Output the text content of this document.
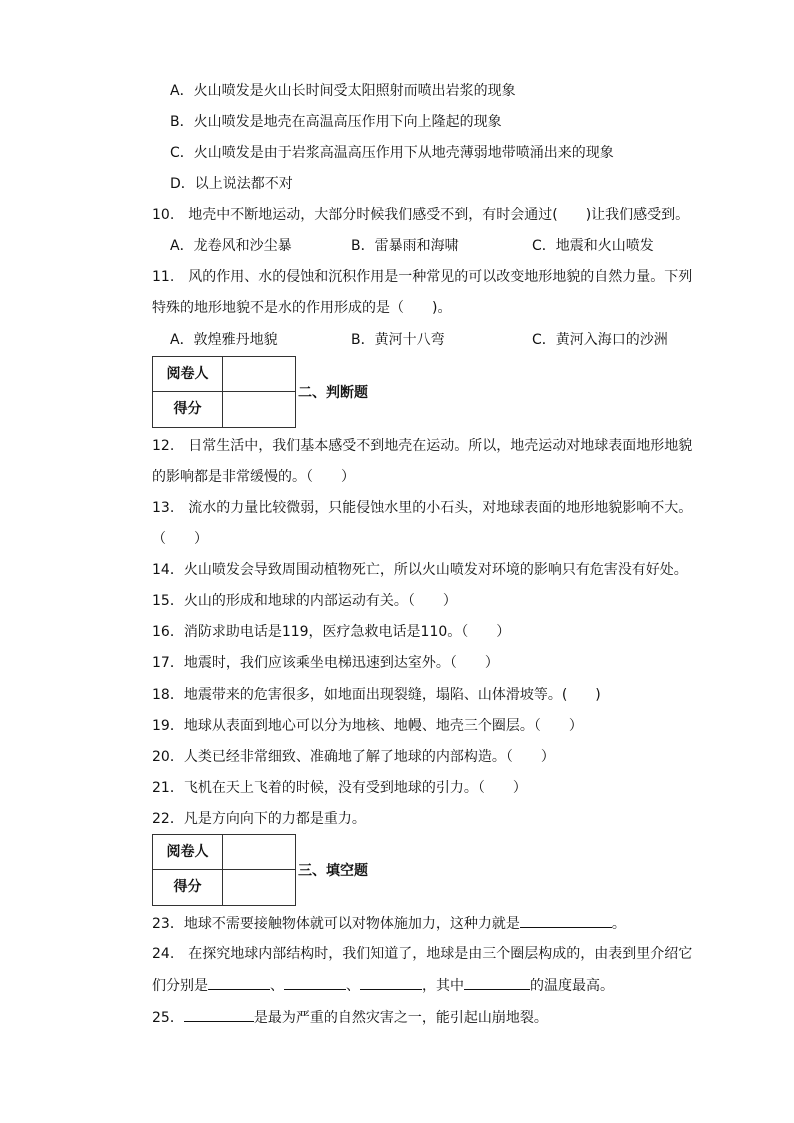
A．火山喷发是火山长时间受太阳照射而喷出岩浆的现象
B．火山喷发是地壳在高温高压作用下向上隆起的现象
C．火山喷发是由于岩浆高温高压作用下从地壳薄弱地带喷涌出来的现象
D．以上说法都不对
10.　地壳中不断地运动，大部分时候我们感受不到，有时会通过(　　)让我们感受到。
A．龙卷风和沙尘暴	B．雷暴雨和海啸	C．地震和火山喷发
11.　风的作用、水的侵蚀和沉积作用是一种常见的可以改变地形地貌的自然力量。下列
特殊的地形地貌不是水的作用形成的是（　　)。
A．敦煌雅丹地貌	B．黄河十八弯	C．黄河入海口的沙洲
阅卷人
得分
二、判断题
12.　日常生活中，我们基本感受不到地壳在运动。所以，地壳运动对地球表面地形地貌
的影响都是非常缓慢的。（　　）
13.　流水的力量比较微弱，只能侵蚀水里的小石头，对地球表面的地形地貌影响不大。
（　　）
14．火山喷发会导致周围动植物死亡，所以火山喷发对环境的影响只有危害没有好处。
15．火山的形成和地球的内部运动有关。（　　）
16．消防求助电话是119，医疗急救电话是110。（　　）
17．地震时，我们应该乘坐电梯迅速到达室外。（　　）
18．地震带来的危害很多，如地面出现裂缝，塌陷、山体滑坡等。(　　)
19．地球从表面到地心可以分为地核、地幔、地壳三个圈层。（　　）
20．人类已经非常细致、准确地了解了地球的内部构造。（　　）
21．飞机在天上飞着的时候，没有受到地球的引力。（　　）
22．凡是方向向下的力都是重力。
阅卷人
得分
三、填空题
23．地球不需要接触物体就可以对物体施加力，这种力就是	。
24.　在探究地球内部结构时，我们知道了，地球是由三个圈层构成的，由表到里介绍它
们分别是	、	、	，其中	的温度最高。
25．	是最为严重的自然灾害之一，能引起山崩地裂。
